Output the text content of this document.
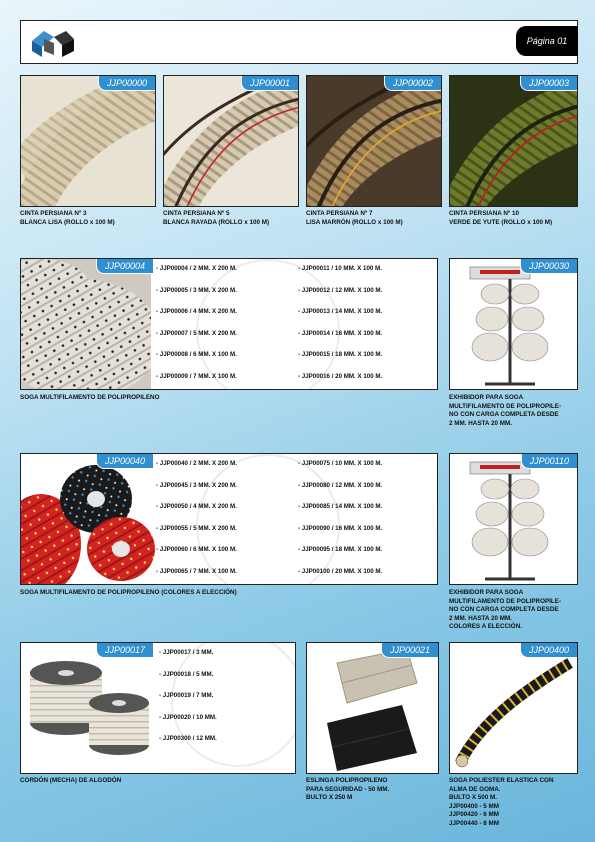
Página 01
JJP00000
CINTA PERSIANA Nº 3
BLANCA LISA (ROLLO x 100 M)
JJP00001
CINTA PERSIANA Nº 5
BLANCA RAYADA (ROLLO x 100 M)
JJP00002
CINTA PERSIANA Nº 7
LISA MARRÓN (ROLLO x 100 M)
JJP00003
CINTA PERSIANA Nº 10
VERDE DE YUTE (ROLLO x 100 M)
- JJP00004 / 2 MM. X 200 M.
- JJP00005 / 3 MM. X 200 M.
- JJP00006 / 4 MM. X 200 M.
- JJP00007 / 5 MM. X 200 M.
- JJP00008 / 6 MM. X 100 M.
- JJP00009 / 7 MM. X 100 M.
- JJP00011 / 10 MM. X 100 M.
- JJP00012 / 12 MM. X 100 M.
- JJP00013 / 14 MM. X 100 M.
- JJP00014 / 16 MM. X 100 M.
- JJP00015 / 18 MM. X 100 M.
- JJP00016 / 20 MM. X 100 M.
JJP00004
SOGA MULTIFILAMENTO DE POLIPROPILENO
JJP00030
EXHIBIDOR PARA SOGA
MULTIFILAMENTO DE POLIPROPILE-
NO CON CARGA COMPLETA DESDE
2 MM. HASTA 20 MM.
- JJP00040 / 2 MM. X 200 M.
- JJP00045 / 3 MM. X 200 M.
- JJP00050 / 4 MM. X 200 M.
- JJP00055 / 5 MM. X 200 M.
- JJP00060 / 6 MM. X 100 M.
- JJP00065 / 7 MM. X 100 M.
- JJP00075 / 10 MM. X 100 M.
- JJP00080 / 12 MM. X 100 M.
- JJP00085 / 14 MM. X 100 M.
- JJP00090 / 16 MM. X 100 M.
- JJP00095 / 18 MM. X 100 M.
- JJP00100 / 20 MM. X 100 M.
JJP00040
SOGA MULTIFILAMENTO DE POLIPROPILENO (COLORES A ELECCIÓN)
JJP00110
EXHIBIDOR PARA SOGA
MULTIFILAMENTO DE POLIPROPILE-
NO CON CARGA COMPLETA DESDE
2 MM. HASTA 20 MM.
COLORES A ELECCIÓN.
- JJP00017 / 3 MM.
- JJP00018 / 5 MM.
- JJP00019 / 7 MM.
- JJP00020 / 10 MM.
- JJP00300 / 12 MM.
JJP00017
CORDÓN (MECHA) DE ALGODÓN
JJP00021
ESLINGA POLIPROPILENO
PARA SEGURIDAD - 50 MM.
BULTO X 250 M
JJP00400
SOGA POLIESTER ELASTICA CON
ALMA DE GOMA.
BULTO X 500 M.
JJP00400 - 5 MM
JJP00420 - 6 MM
JJP00440 - 8 MM
